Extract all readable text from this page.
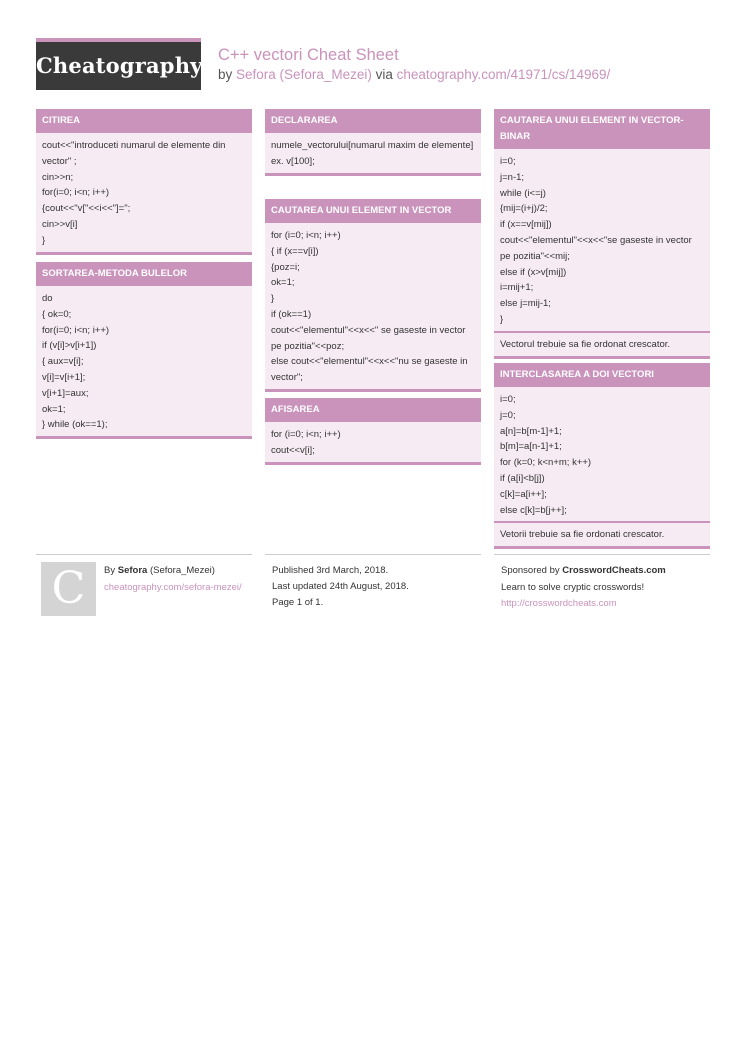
Cheatography C++ vectori Cheat Sheet
by Sefora (Sefora_Mezei) via cheatography.com/41971/cs/14969/
CITIREA
cout<<"introduceti numarul de elemente din vector" ;
cin>>n;
for(i=0; i<n; i++)
{cout<<"v["<<i<<"]=";
cin>>v[i]
}
SORTAREA-METODA BULELOR
do
{ ok=0;
for(i=0; i<n; i++)
if (v[i]>v[i+1])
{ aux=v[i];
v[i]=v[i+1];
v[i+1]=aux;
ok=1;
} while (ok==1);
DECLARAREA
numele_vectorului[numarul maxim de elemente]
ex. v[100];
CAUTAREA UNUI ELEMENT IN VECTOR
for (i=0; i<n; i++)
{ if (x==v[i])
{poz=i;
ok=1;
}
if (ok==1)
cout<<"elementul"<<x<<" se gaseste in vector pe pozitia"<<poz;
else cout<<"elementul"<<x<<"nu se gaseste in vector";
AFISAREA
for (i=0; i<n; i++)
cout<<v[i];
CAUTAREA UNUI ELEMENT IN VECTOR-BINAR
i=0;
j=n-1;
while (i<=j)
{mij=(i+j)/2;
if (x==v[mij])
cout<<"elementul"<<x<<"se gaseste in vector pe pozitia"<<mij;
else if (x>v[mij])
i=mij+1;
else j=mij-1;
}
Vectorul trebuie sa fie ordonat crescator.
INTERCLASAREA A DOI VECTORI
i=0;
j=0;
a[n]=b[m-1]+1;
b[m]=a[n-1]+1;
for (k=0; k<n+m; k++)
if (a[i]<b[j])
c[k]=a[i++];
else c[k]=b[j++];
Vetorii trebuie sa fie ordonati crescator.
C	By Sefora (Sefora_Mezei)
cheatography.com/sefora-mezei/
Published 3rd March, 2018.
Last updated 24th August, 2018.
Page 1 of 1.
Sponsored by CrosswordCheats.com
Learn to solve cryptic crosswords!
http://crosswordcheats.com
